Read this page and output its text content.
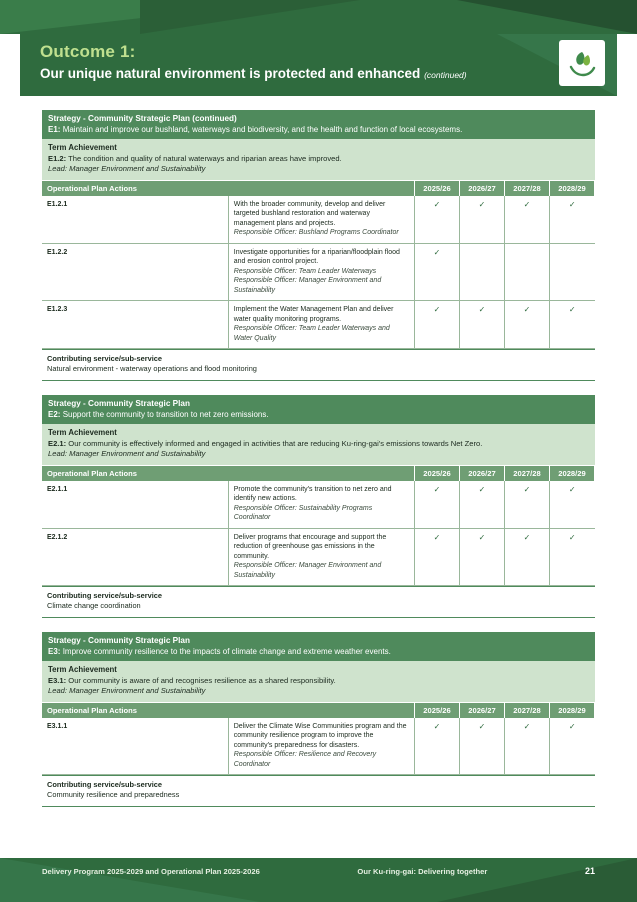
Outcome 1:
Our unique natural environment is protected and enhanced (continued)
Strategy - Community Strategic Plan (continued)
E1: Maintain and improve our bushland, waterways and biodiversity, and the health and function of local ecosystems.
Term Achievement
E1.2: The condition and quality of natural waterways and riparian areas have improved.
Lead: Manager Environment and Sustainability
Operational Plan Actions		2025/26	2026/27	2027/28	2028/29
E1.2.1	With the broader community, develop and deliver targeted bushland restoration and waterway management plans and projects.
Responsible Officer: Bushland Programs Coordinator	✓	✓	✓	✓
E1.2.2	Investigate opportunities for a riparian/floodplain flood and erosion control project.
Responsible Officer: Team Leader Waterways
Responsible Officer: Manager Environment and Sustainability	✓			
E1.2.3	Implement the Water Management Plan and deliver water quality monitoring programs.
Responsible Officer: Team Leader Waterways and Water Quality	✓	✓	✓	✓
Contributing service/sub-service
Natural environment - waterway operations and flood monitoring
Strategy - Community Strategic Plan
E2: Support the community to transition to net zero emissions.
Term Achievement
E2.1: Our community is effectively informed and engaged in activities that are reducing Ku-ring-gai's emissions towards Net Zero.
Lead: Manager Environment and Sustainability
Operational Plan Actions		2025/26	2026/27	2027/28	2028/29
E2.1.1	Promote the community's transition to net zero and identify new actions.
Responsible Officer: Sustainability Programs Coordinator	✓	✓	✓	✓
E2.1.2	Deliver programs that encourage and support the reduction of greenhouse gas emissions in the community.
Responsible Officer: Manager Environment and Sustainability	✓	✓	✓	✓
Contributing service/sub-service
Climate change coordination
Strategy - Community Strategic Plan
E3: Improve community resilience to the impacts of climate change and extreme weather events.
Term Achievement
E3.1: Our community is aware of and recognises resilience as a shared responsibility.
Lead: Manager Environment and Sustainability
Operational Plan Actions		2025/26	2026/27	2027/28	2028/29
E3.1.1	Deliver the Climate Wise Communities program and the community resilience program to improve the community's preparedness for disasters.
Responsible Officer: Resilience and Recovery Coordinator	✓	✓	✓	✓
Contributing service/sub-service
Community resilience and preparedness
Delivery Program 2025-2029 and Operational Plan 2025-2026	Our Ku-ring-gai: Delivering together	21
